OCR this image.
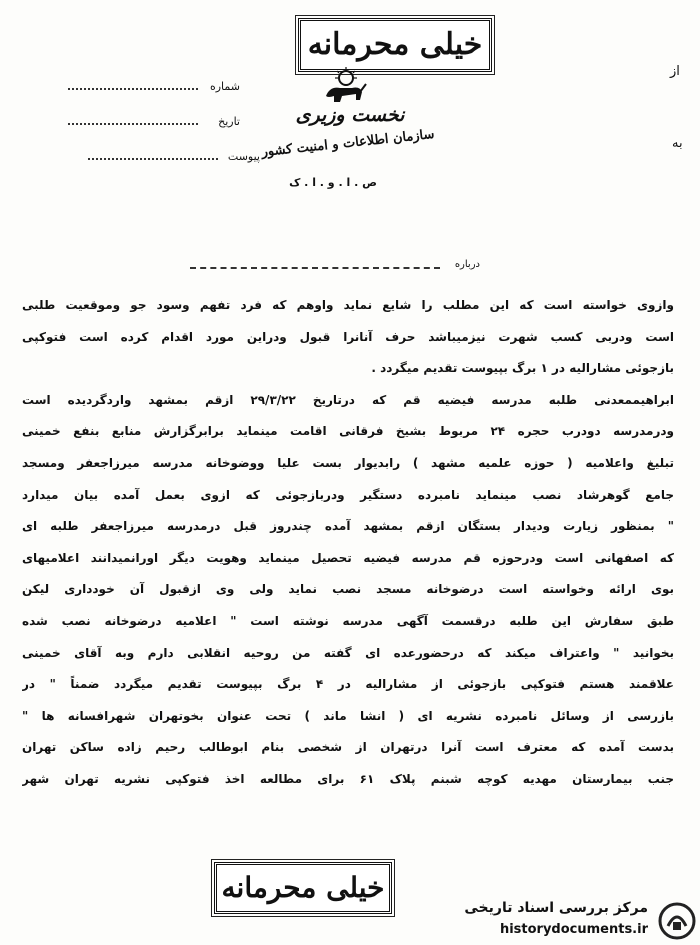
خیلی محرمانه
از
به
شماره
تاریخ
پیوست
نخست وزیری
سازمان اطلاعات و امنیت کشور
ص . ا . و . ا . ک
درباره
وازوی خواسته است که این مطلب را شایع نماید واوهم که فرد تفهم وسود جو وموقعیت طلبی
است ودربی کسب شهرت نیزمیباشد حرف آنانرا قبول ودراین مورد اقدام کرده است فتوکپی
بازجوئی مشارالیه در ۱ برگ بپیوست تقدیم میگردد .
ابراهیممعدنی طلبه مدرسه فیضیه قم که درتاریخ ۲۹/۳/۲۲ ازقم بمشهد واردگردیده است
ودرمدرسه دودرب حجره ۲۴ مربوط بشیخ فرقانی اقامت مینماید برابرگزارش منابع بنفع خمینی
تبلیغ واعلامیه ( حوزه علمیه مشهد ) رابدیوار بست علیا ووضوخانه مدرسه میرزاجعفر ومسجد
جامع گوهرشاد نصب مینماید نامبرده دستگیر ودربازجوئی که ازوی بعمل آمده بیان میدارد
" بمنظور زیارت ودیدار بستگان ازقم بمشهد آمده چندروز قبل درمدرسه میرزاجعفر طلبه ای
که اصفهانی است ودرحوزه قم مدرسه فیضیه تحصیل مینماید وهویت دیگر اورانمیدانند اعلامیهای
بوی ارائه وخواسته است درضوخانه مسجد نصب نماید ولی وی ازقبول آن خودداری لیکن
طبق سفارش این طلبه درقسمت آگهی مدرسه نوشته است " اعلامیه درضوخانه نصب شده
بخوانید " واعتراف میکند که درحضورعده ای گفته من روحیه انقلابی دارم وبه آقای خمینی
علاقمند هستم فتوکپی بازجوئی از مشارالیه در ۴ برگ بپیوست تقدیم میگردد ضمناً " در
بازرسی از وسائل نامبرده نشریه ای ( انشا ماند ) تحت عنوان بخوتهران شهرافسانه ها "
بدست آمده که معترف است آنرا درتهران از شخصی بنام ابوطالب رحیم زاده ساکن تهران
جنب بیمارستان مهدیه کوچه شبنم پلاک ۶۱ برای مطالعه اخذ فتوکپی نشریه تهران شهر
خیلی محرمانه
مرکز بررسی اسناد تاریخی
historydocuments.ir
